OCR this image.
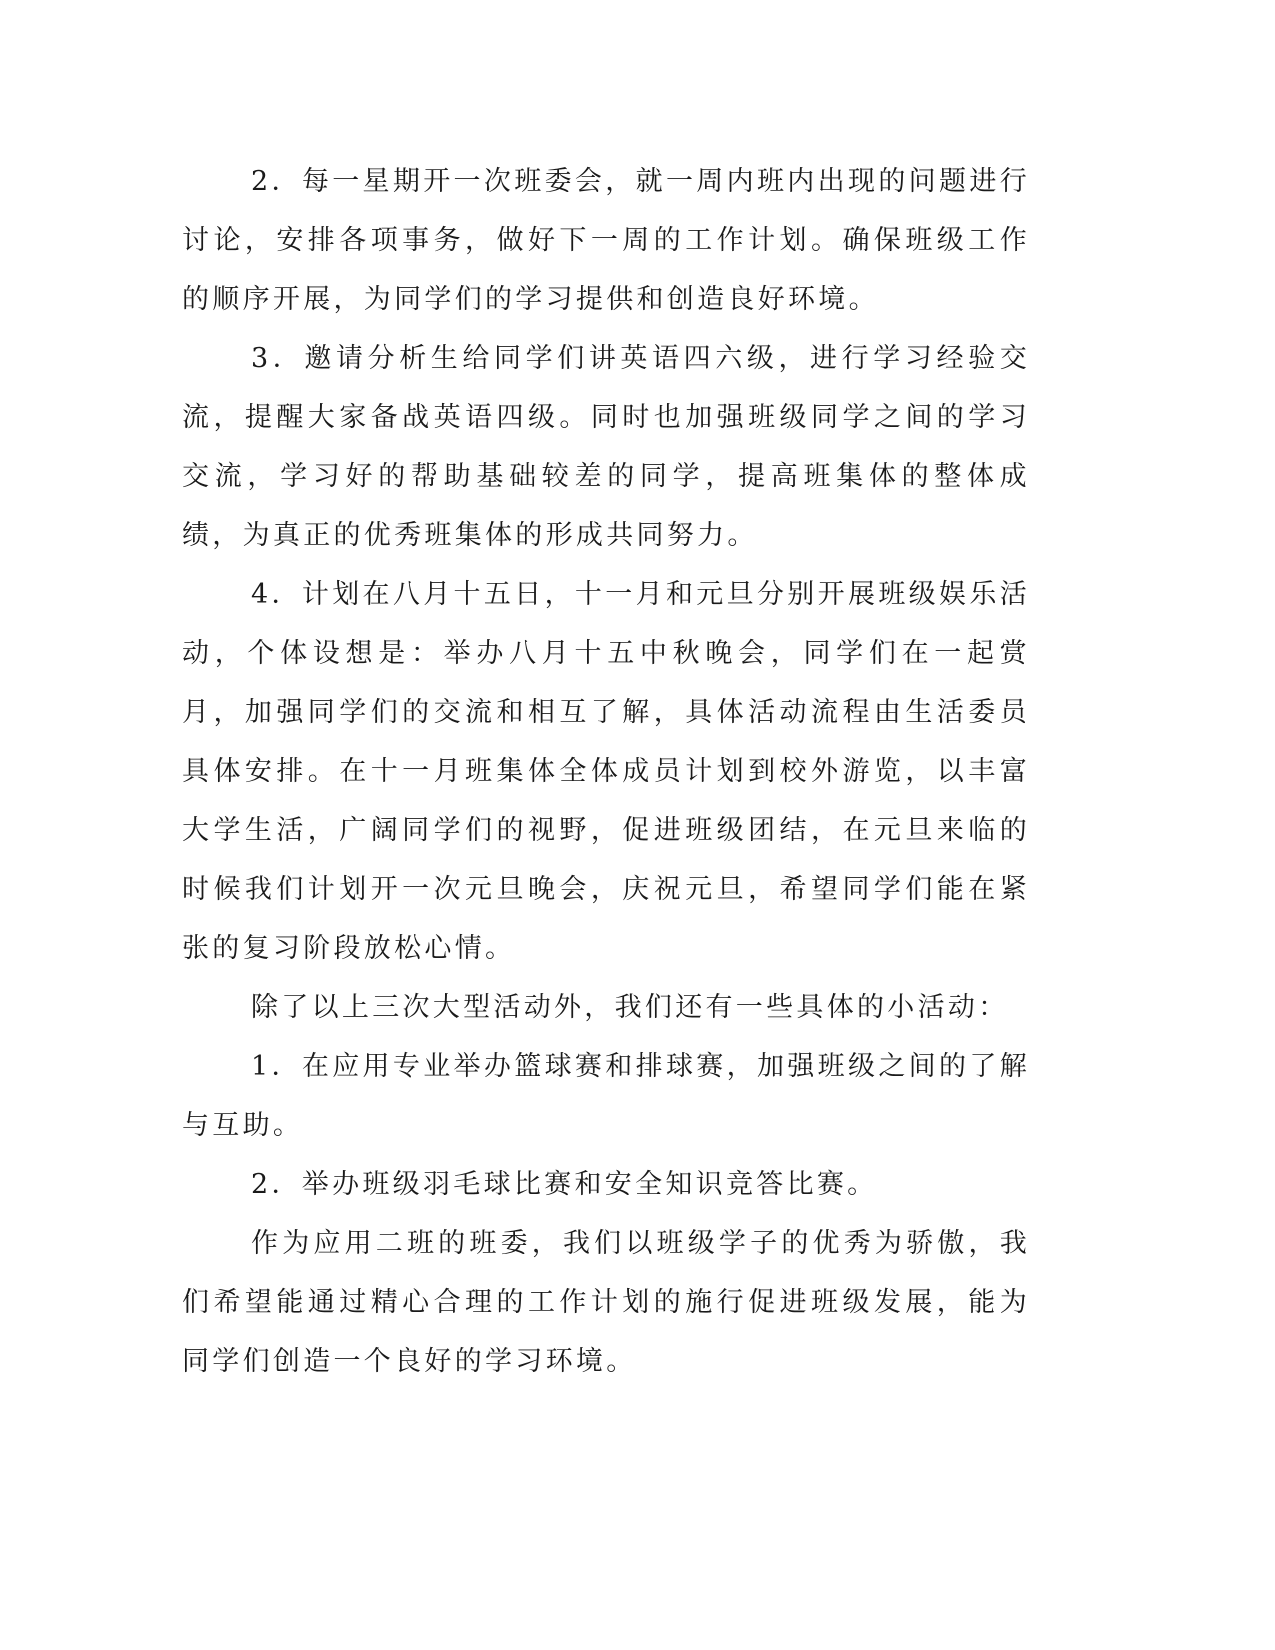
2．每一星期开一次班委会，就一周内班内出现的问题进行讨论，安排各项事务，做好下一周的工作计划。确保班级工作的顺序开展，为同学们的学习提供和创造良好环境。

3．邀请分析生给同学们讲英语四六级，进行学习经验交流，提醒大家备战英语四级。同时也加强班级同学之间的学习交流，学习好的帮助基础较差的同学，提高班集体的整体成绩，为真正的优秀班集体的形成共同努力。

4．计划在八月十五日，十一月和元旦分别开展班级娱乐活动，个体设想是：举办八月十五中秋晚会，同学们在一起赏月，加强同学们的交流和相互了解，具体活动流程由生活委员具体安排。在十一月班集体全体成员计划到校外游览，以丰富大学生活，广阔同学们的视野，促进班级团结，在元旦来临的时候我们计划开一次元旦晚会，庆祝元旦，希望同学们能在紧张的复习阶段放松心情。

除了以上三次大型活动外，我们还有一些具体的小活动：

1．在应用专业举办篮球赛和排球赛，加强班级之间的了解与互助。

2．举办班级羽毛球比赛和安全知识竞答比赛。

作为应用二班的班委，我们以班级学子的优秀为骄傲，我们希望能通过精心合理的工作计划的施行促进班级发展，能为同学们创造一个良好的学习环境。
